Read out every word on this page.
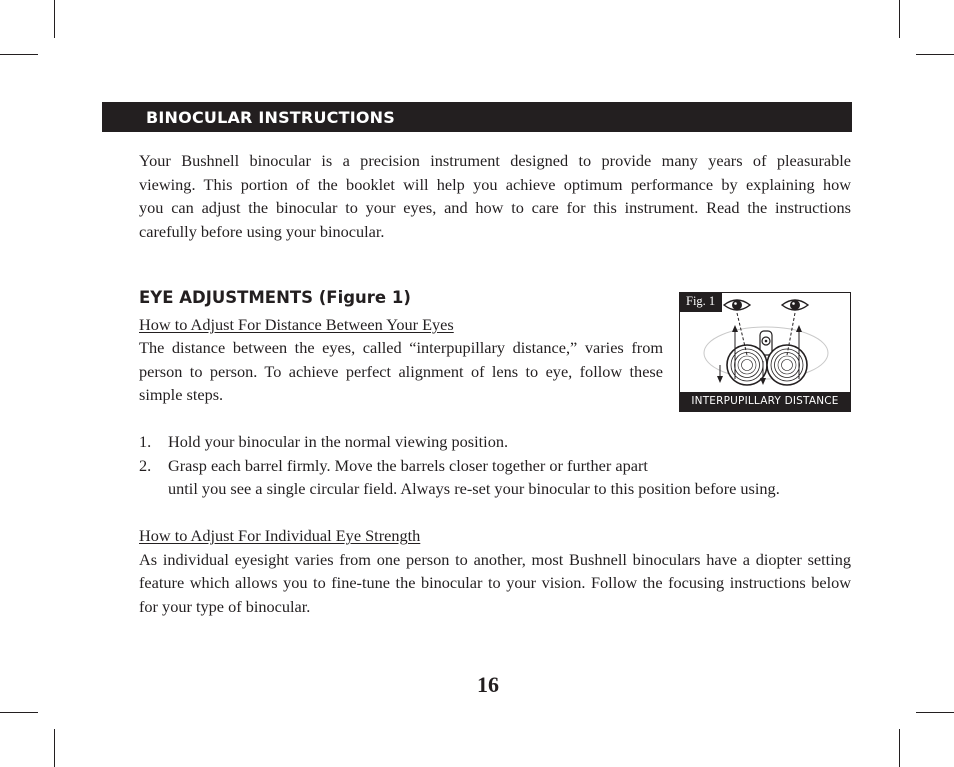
BINOCULAR INSTRUCTIONS
Your Bushnell binocular is a precision instrument designed to provide many years of pleasurable
viewing. This portion of the booklet will help you achieve optimum performance by explaining how
you can adjust the binocular to your eyes, and how to care for this instrument. Read the instructions
carefully before using your binocular.
EYE ADJUSTMENTS (Figure 1)
How to Adjust For Distance Between Your Eyes
The distance between the eyes, called “interpupillary distance,” varies from
person to person. To achieve perfect alignment of lens to eye, follow these
simple steps.
1. Hold your binocular in the normal viewing position.
2. Grasp each barrel firmly. Move the barrels closer together or further apart
until you see a single circular field. Always re-set your binocular to this position before using.
How to Adjust For Individual Eye Strength
As individual eyesight varies from one person to another, most Bushnell binoculars have a diopter setting
feature which allows you to fine-tune the binocular to your vision. Follow the focusing instructions below
for your type of binocular.
Fig. 1
INTERPUPILLARY DISTANCE
16
